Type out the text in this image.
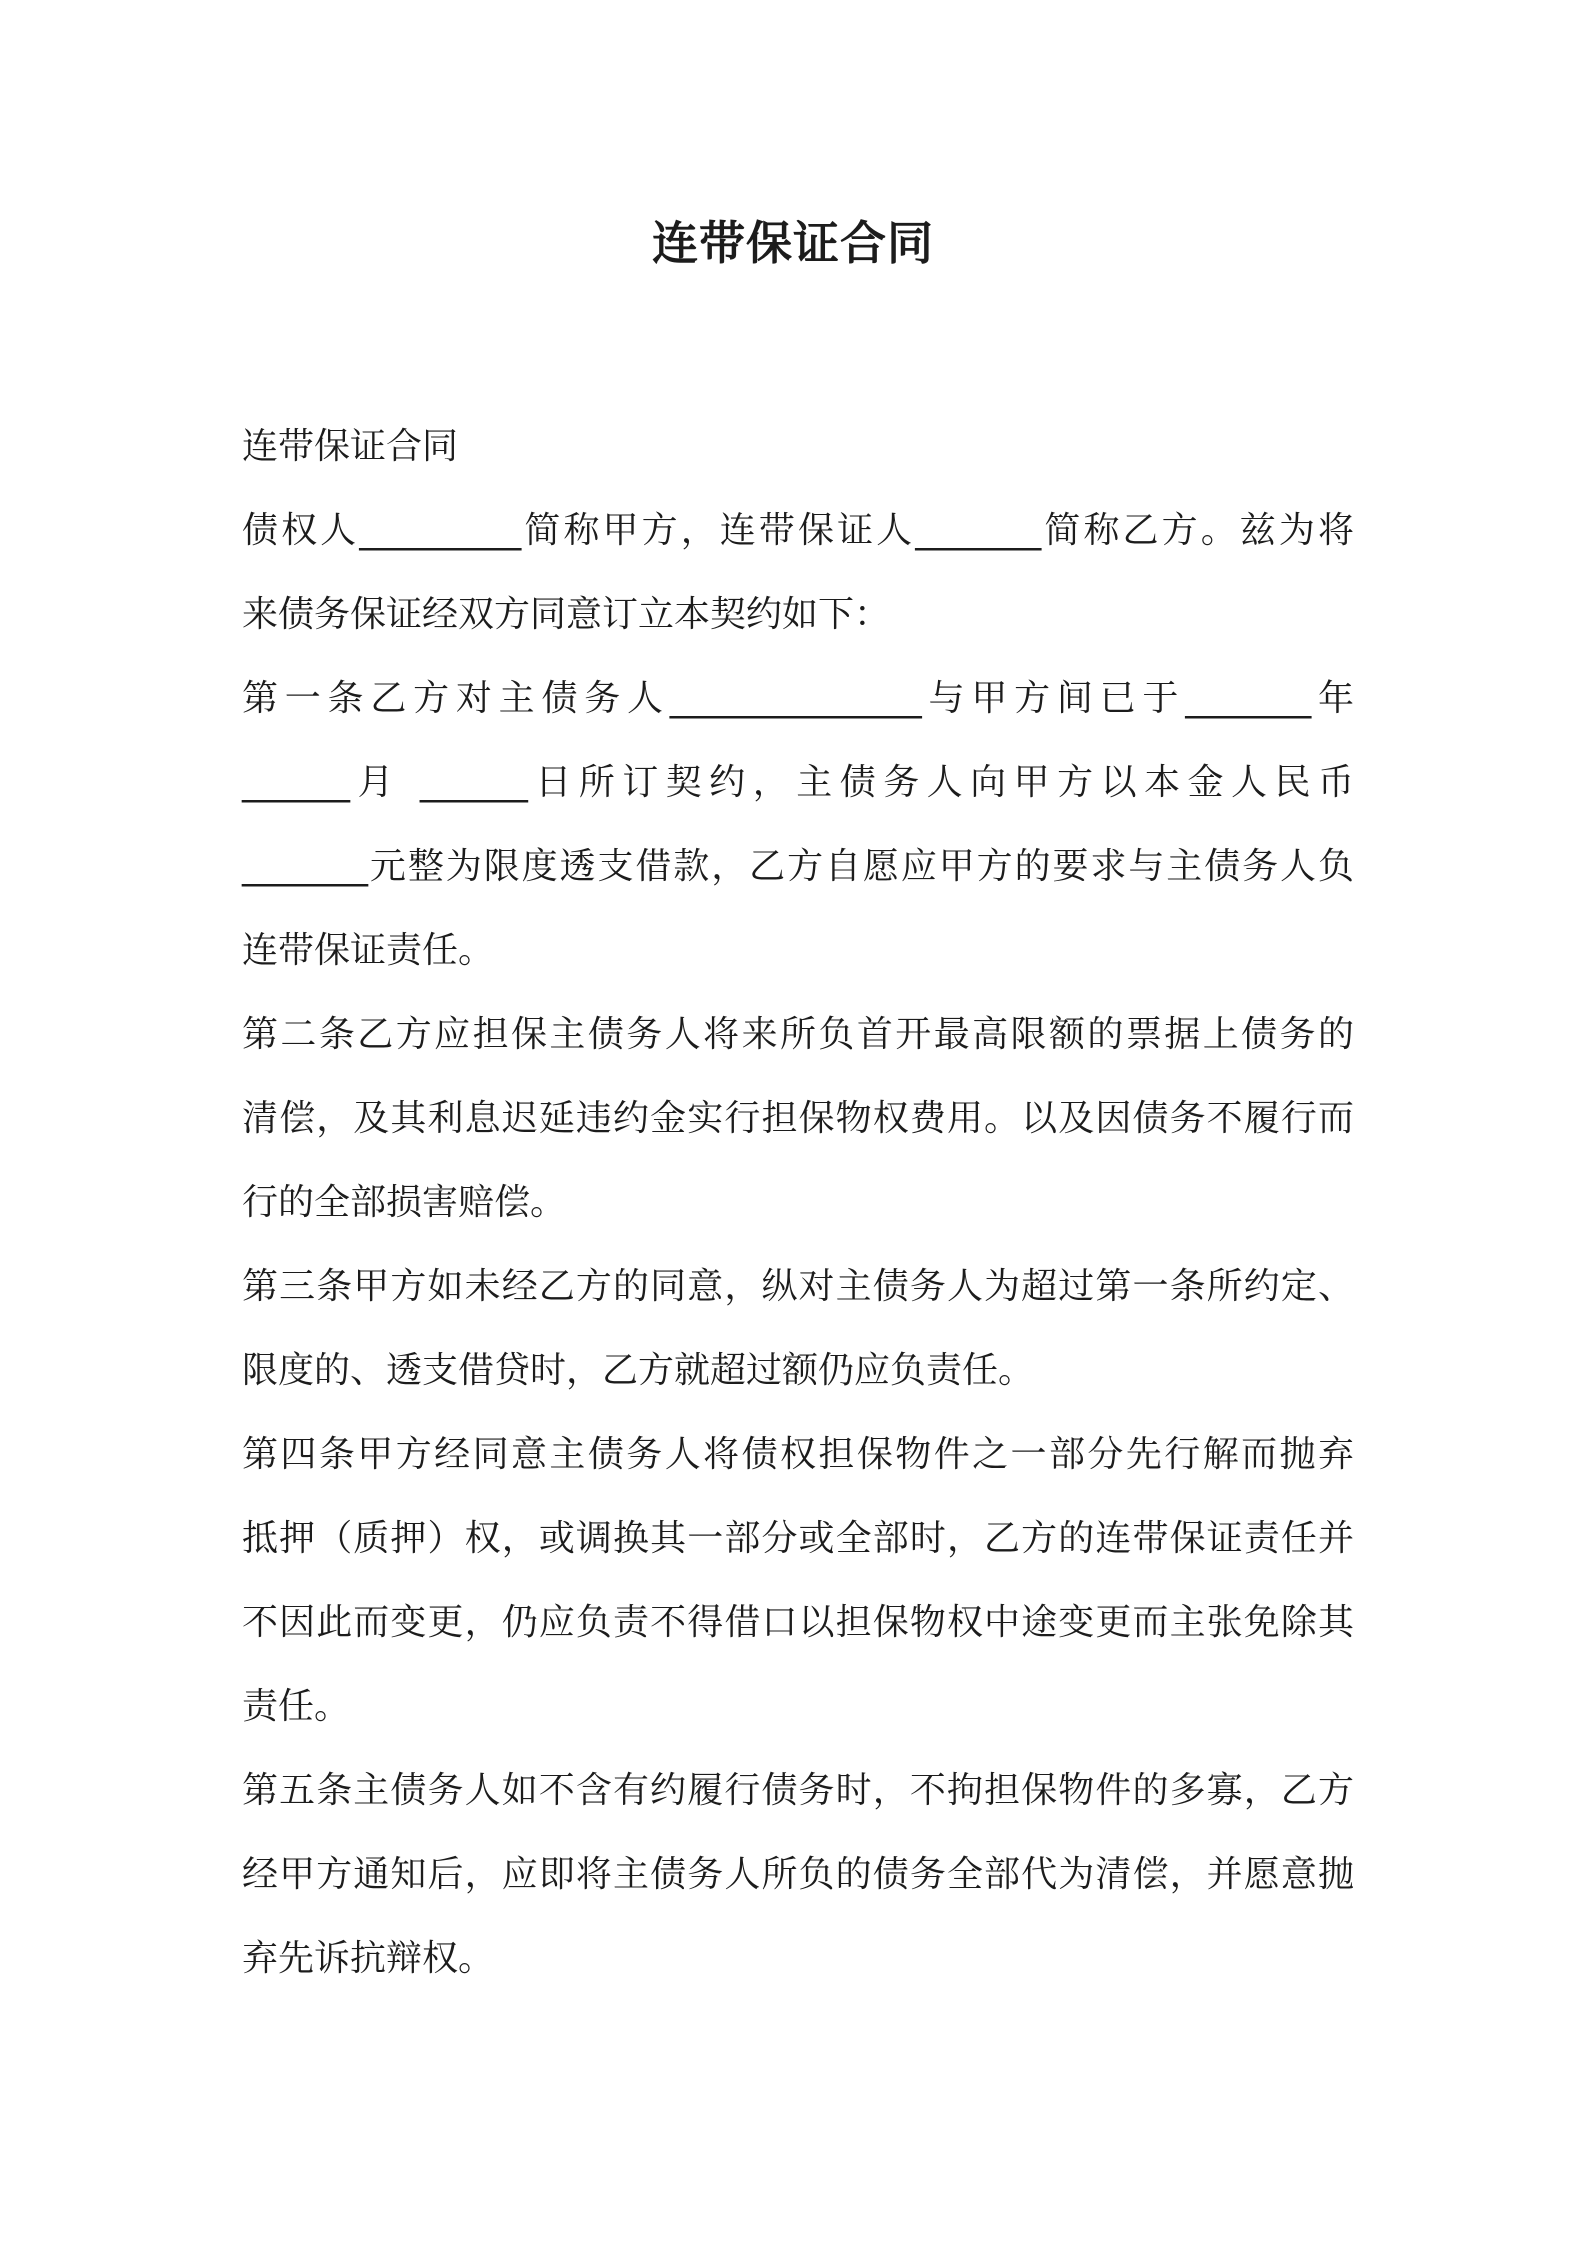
连带保证合同

连带保证合同

债权人_________简称甲方，连带保证人_______简称乙方。兹为将

来债务保证经双方同意订立本契约如下：

第一条乙方对主债务人______________与甲方间已于_______年

______月 ______日所订契约，主债务人向甲方以本金人民币

_______元整为限度透支借款，乙方自愿应甲方的要求与主债务人负

连带保证责任。

第二条乙方应担保主债务人将来所负首开最高限额的票据上债务的

清偿，及其利息迟延违约金实行担保物权费用。以及因债务不履行而

行的全部损害赔偿。

第三条甲方如未经乙方的同意，纵对主债务人为超过第一条所约定、

限度的、透支借贷时，乙方就超过额仍应负责任。

第四条甲方经同意主债务人将债权担保物件之一部分先行解而抛弃

抵押（质押）权，或调换其一部分或全部时，乙方的连带保证责任并

不因此而变更，仍应负责不得借口以担保物权中途变更而主张免除其

责任。

第五条主债务人如不含有约履行债务时，不拘担保物件的多寡，乙方

经甲方通知后，应即将主债务人所负的债务全部代为清偿，并愿意抛

弃先诉抗辩权。
